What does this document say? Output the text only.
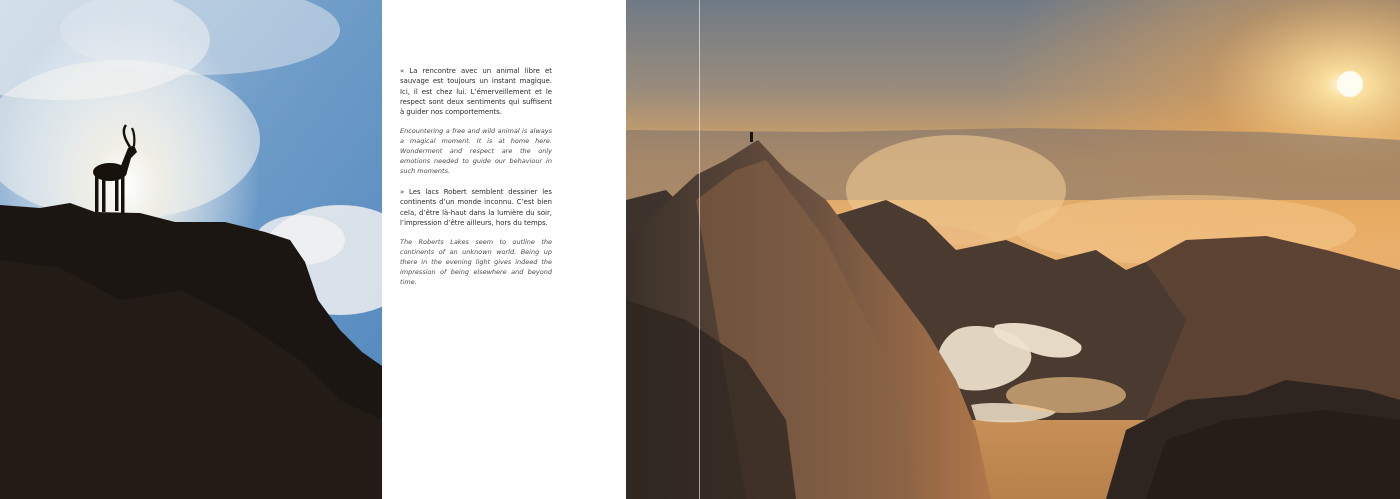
« La rencontre avec un animal libre et sauvage est toujours un instant magique. Ici, il est chez lui. L’émerveillement et le respect sont deux sentiments qui suffisent à guider nos comportements.

Encountering a free and wild animal is always a magical moment. It is at home here. Wonderment and respect are the only emotions needed to guide our behaviour in such moments.

» Les lacs Robert semblent dessiner les continents d’un monde inconnu. C’est bien cela, d’être là-haut dans la lumière du soir, l’impression d’être ailleurs, hors du temps.

The Roberts Lakes seem to outline the continents of an unknown world. Being up there in the evening light gives indeed the impression of being elsewhere and beyond time.
